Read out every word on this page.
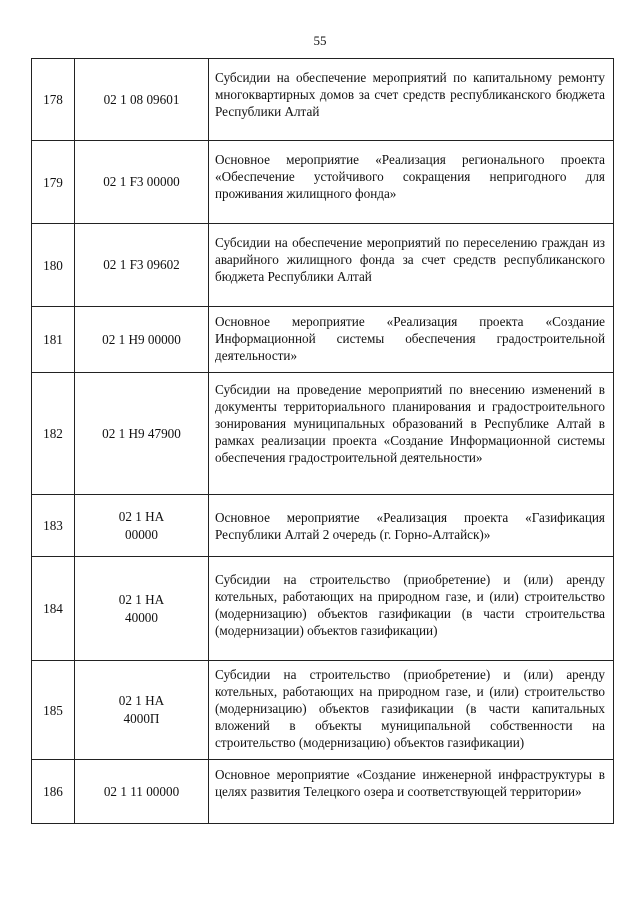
55
178	02 1 08 09601	Субсидии на обеспечение мероприятий по капитальному ремонту многоквартирных домов за счет средств республиканского бюджета Республики Алтай

179	02 1 F3 00000	Основное мероприятие «Реализация регионального проекта «Обеспечение устойчивого сокращения непригодного для проживания жилищного фонда»

180	02 1 F3 09602	Субсидии на обеспечение мероприятий по переселению граждан из аварийного жилищного фонда за счет средств республиканского бюджета Республики Алтай

181	02 1 Н9 00000	Основное мероприятие «Реализация проекта «Создание Информационной системы обеспечения градостроительной деятельности»

182	02 1 Н9 47900	Субсидии на проведение мероприятий по внесению изменений в документы территориального планирования и градостроительного зонирования муниципальных образований в Республике Алтай в рамках реализации проекта «Создание Информационной системы обеспечения градостроительной деятельности»

183	02 1 НА 00000	Основное мероприятие «Реализация проекта «Газификация Республики Алтай 2 очередь (г. Горно-Алтайск)»

184	02 1 НА 40000	Субсидии на строительство (приобретение) и (или) аренду котельных, работающих на природном газе, и (или) строительство (модернизацию) объектов газификации (в части строительства (модернизации) объектов газификации)

185	02 1 НА 4000П	Субсидии на строительство (приобретение) и (или) аренду котельных, работающих на природном газе, и (или) строительство (модернизацию) объектов газификации (в части капитальных вложений в объекты муниципальной собственности на строительство (модернизацию) объектов газификации)

186	02 1 11 00000	Основное мероприятие «Создание инженерной инфраструктуры в целях развития Телецкого озера и соответствующей территории»
